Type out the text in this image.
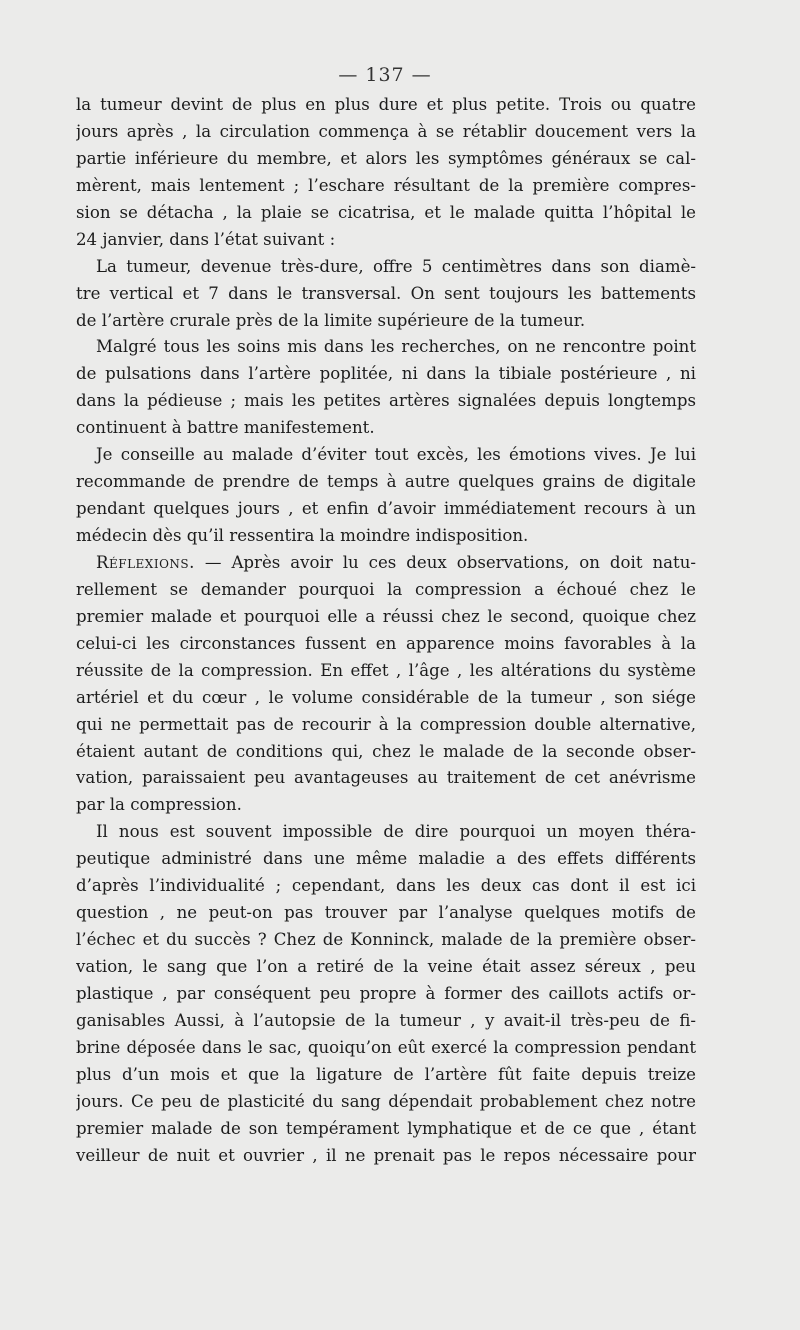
— 137 —
la tumeur devint de plus en plus dure et plus petite. Trois ou quatre
jours après , la circulation commença à se rétablir doucement vers la
partie inférieure du membre, et alors les symptômes généraux se cal-
mèrent, mais lentement ; l’eschare résultant de la première compres-
sion se détacha , la plaie se cicatrisa, et le malade quitta l’hôpital le
24 janvier, dans l’état suivant :
La tumeur, devenue très-dure, offre 5 centimètres dans son diamè-
tre vertical et 7 dans le transversal. On sent toujours les battements
de l’artère crurale près de la limite supérieure de la tumeur.
Malgré tous les soins mis dans les recherches, on ne rencontre point
de pulsations dans l’artère poplitée, ni dans la tibiale postérieure , ni
dans la pédieuse ; mais les petites artères signalées depuis longtemps
continuent à battre manifestement.
Je conseille au malade d’éviter tout excès, les émotions vives. Je lui
recommande de prendre de temps à autre quelques grains de digitale
pendant quelques jours , et enfin d’avoir immédiatement recours à un
médecin dès qu’il ressentira la moindre indisposition.
Réflexions. — Après avoir lu ces deux observations, on doit natu-
rellement se demander pourquoi la compression a échoué chez le
premier malade et pourquoi elle a réussi chez le second, quoique chez
celui-ci les circonstances fussent en apparence moins favorables à la
réussite de la compression. En effet , l’âge , les altérations du système
artériel et du cœur , le volume considérable de la tumeur , son siége
qui ne permettait pas de recourir à la compression double alternative,
étaient autant de conditions qui, chez le malade de la seconde obser-
vation, paraissaient peu avantageuses au traitement de cet anévrisme
par la compression.
Il nous est souvent impossible de dire pourquoi un moyen théra-
peutique administré dans une même maladie a des effets différents
d’après l’individualité ; cependant, dans les deux cas dont il est ici
question , ne peut-on pas trouver par l’analyse quelques motifs de
l’échec et du succès ? Chez de Konninck, malade de la première obser-
vation, le sang que l’on a retiré de la veine était assez séreux , peu
plastique , par conséquent peu propre à former des caillots actifs or-
ganisables Aussi, à l’autopsie de la tumeur , y avait-il très-peu de fi-
brine déposée dans le sac, quoiqu’on eût exercé la compression pendant
plus d’un mois et que la ligature de l’artère fût faite depuis treize
jours. Ce peu de plasticité du sang dépendait probablement chez notre
premier malade de son tempérament lymphatique et de ce que , étant
veilleur de nuit et ouvrier , il ne prenait pas le repos nécessaire pour
